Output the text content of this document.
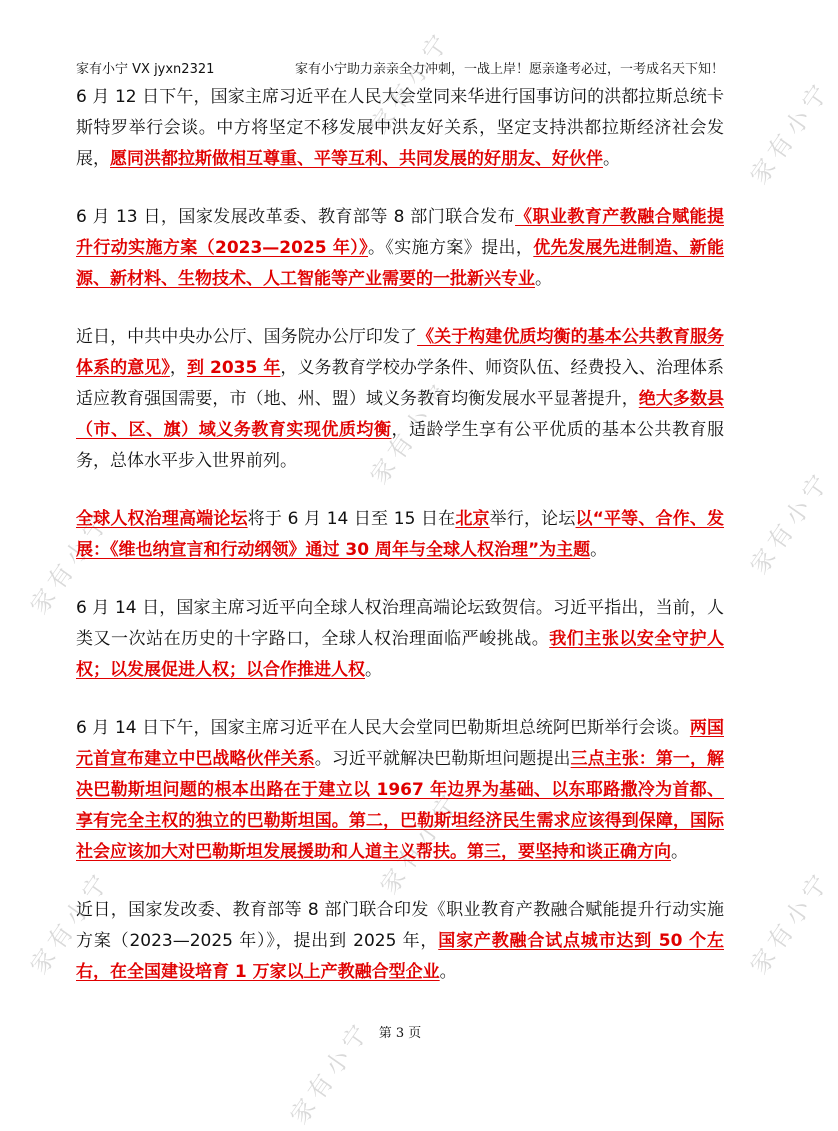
家有小宁	家有小宁
家有小宁
家有小宁
家有小宁
家有小宁
家有小宁	家有小宁
家有小宁
家有小宁 VX jyxn2321	家有小宁助力亲亲全力冲刺，一战上岸！愿亲逢考必过，一考成名天下知！

6 月 12 日下午，国家主席习近平在人民大会堂同来华进行国事访问的洪都拉斯总统卡斯特罗举行会谈。中方将坚定不移发展中洪友好关系，坚定支持洪都拉斯经济社会发展，愿同洪都拉斯做相互尊重、平等互利、共同发展的好朋友、好伙伴。

6 月 13 日，国家发展改革委、教育部等 8 部门联合发布《职业教育产教融合赋能提升行动实施方案（2023—2025 年）》。《实施方案》提出，优先发展先进制造、新能源、新材料、生物技术、人工智能等产业需要的一批新兴专业。

近日，中共中央办公厅、国务院办公厅印发了《关于构建优质均衡的基本公共教育服务体系的意见》，到 2035 年，义务教育学校办学条件、师资队伍、经费投入、治理体系适应教育强国需要，市（地、州、盟）域义务教育均衡发展水平显著提升，绝大多数县（市、区、旗）域义务教育实现优质均衡，适龄学生享有公平优质的基本公共教育服务，总体水平步入世界前列。

全球人权治理高端论坛将于 6 月 14 日至 15 日在北京举行，论坛以“平等、合作、发展：《维也纳宣言和行动纲领》通过 30 周年与全球人权治理”为主题。

6 月 14 日，国家主席习近平向全球人权治理高端论坛致贺信。习近平指出，当前，人类又一次站在历史的十字路口，全球人权治理面临严峻挑战。我们主张以安全守护人权；以发展促进人权；以合作推进人权。

6 月 14 日下午，国家主席习近平在人民大会堂同巴勒斯坦总统阿巴斯举行会谈。两国元首宣布建立中巴战略伙伴关系。习近平就解决巴勒斯坦问题提出三点主张：第一，解决巴勒斯坦问题的根本出路在于建立以 1967 年边界为基础、以东耶路撒冷为首都、享有完全主权的独立的巴勒斯坦国。第二，巴勒斯坦经济民生需求应该得到保障，国际社会应该加大对巴勒斯坦发展援助和人道主义帮扶。第三，要坚持和谈正确方向。

近日，国家发改委、教育部等 8 部门联合印发《职业教育产教融合赋能提升行动实施方案（2023—2025 年）》，提出到 2025 年，国家产教融合试点城市达到 50 个左右，在全国建设培育 1 万家以上产教融合型企业。

第 3 页
